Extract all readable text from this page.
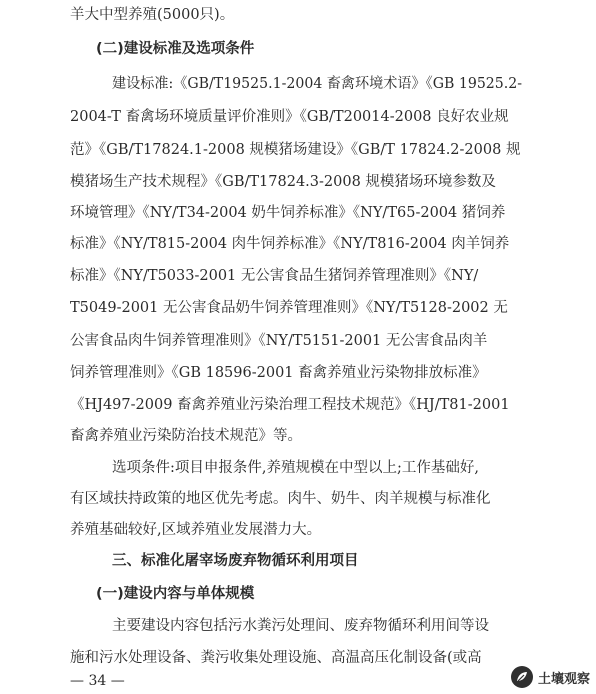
羊大中型养殖(5000只)。
(二)建设标准及选项条件
建设标准:《GB/T19525.1-2004 畜禽环境术语》《GB 19525.2-
2004-T 畜禽场环境质量评价准则》《GB/T20014-2008 良好农业规
范》《GB/T17824.1-2008 规模猪场建设》《GB/T 17824.2-2008 规
模猪场生产技术规程》《GB/T17824.3-2008 规模猪场环境参数及
环境管理》《NY/T34-2004 奶牛饲养标准》《NY/T65-2004 猪饲养
标准》《NY/T815-2004 肉牛饲养标准》《NY/T816-2004 肉羊饲养
标准》《NY/T5033-2001 无公害食品生猪饲养管理准则》《NY/
T5049-2001 无公害食品奶牛饲养管理准则》《NY/T5128-2002 无
公害食品肉牛饲养管理准则》《NY/T5151-2001 无公害食品肉羊
饲养管理准则》《GB 18596-2001 畜禽养殖业污染物排放标准》
《HJ497-2009 畜禽养殖业污染治理工程技术规范》《HJ/T81-2001
畜禽养殖业污染防治技术规范》等。
选项条件:项目申报条件,养殖规模在中型以上;工作基础好,
有区域扶持政策的地区优先考虑。肉牛、奶牛、肉羊规模与标准化
养殖基础较好,区域养殖业发展潜力大。
三、标准化屠宰场废弃物循环利用项目
(一)建设内容与单体规模
主要建设内容包括污水粪污处理间、废弃物循环利用间等设
施和污水处理设备、粪污收集处理设施、高温高压化制设备(或高
— 34 —	土壤观察
